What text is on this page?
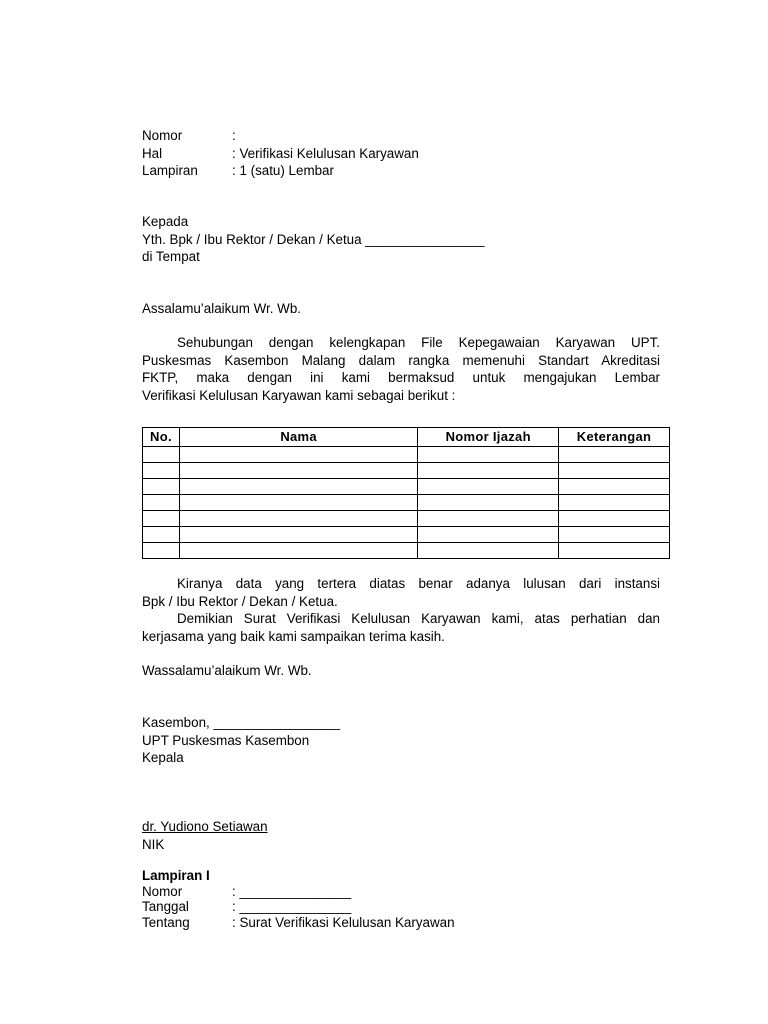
Nomor	:
Hal	: Verifikasi Kelulusan Karyawan
Lampiran	: 1 (satu) Lembar
Kepada
Yth. Bpk / Ibu Rektor / Dekan / Ketua ________________
di Tempat
Assalamu’alaikum Wr. Wb.
Sehubungan dengan kelengkapan File Kepegawaian Karyawan UPT.
Puskesmas Kasembon Malang dalam rangka memenuhi Standart Akreditasi
FKTP, maka dengan ini kami bermaksud untuk mengajukan Lembar
Verifikasi Kelulusan Karyawan kami sebagai berikut :
No.	Nama	Nomor Ijazah	Keterangan

Kiranya data yang tertera diatas benar adanya lulusan dari instansi
Bpk / Ibu Rektor / Dekan / Ketua.
Demikian Surat Verifikasi Kelulusan Karyawan kami, atas perhatian dan
kerjasama yang baik kami sampaikan terima kasih.
Wassalamu’alaikum Wr. Wb.
Kasembon, _________________
UPT Puskesmas Kasembon
Kepala
dr. Yudiono Setiawan
NIK
Lampiran I
Nomor	: _______________
Tanggal	: _______________
Tentang	: Surat Verifikasi Kelulusan Karyawan
